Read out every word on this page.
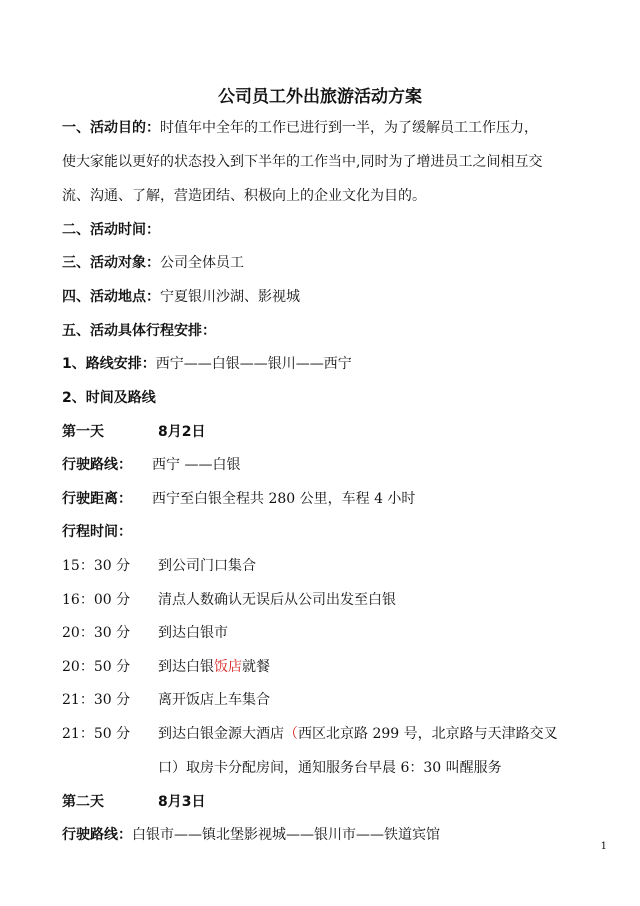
公司员工外出旅游活动方案
一、活动目的：时值年中全年的工作已进行到一半，为了缓解员工工作压力，
使大家能以更好的状态投入到下半年的工作当中,同时为了增进员工之间相互交
流、沟通、了解，营造团结、积极向上的企业文化为目的。
二、活动时间：
三、活动对象：公司全体员工
四、活动地点：宁夏银川沙湖、影视城
五、活动具体行程安排：
1、路线安排：西宁——白银——银川——西宁
2、时间及路线
第一天	8月2日
行驶路线： 西宁 ——白银
行驶距离： 西宁至白银全程共 280 公里，车程 4 小时
行程时间：
15：30 分 到公司门口集合
16：00 分 清点人数确认无误后从公司出发至白银
20：30 分 到达白银市
20：50 分 到达白银饭店就餐
21：30 分 离开饭店上车集合
21：50 分 到达白银金源大酒店（西区北京路 299 号，北京路与天津路交叉
口）取房卡分配房间，通知服务台早晨 6：30 叫醒服务
第二天	8月3日
行驶路线：白银市——镇北堡影视城——银川市——铁道宾馆
1
